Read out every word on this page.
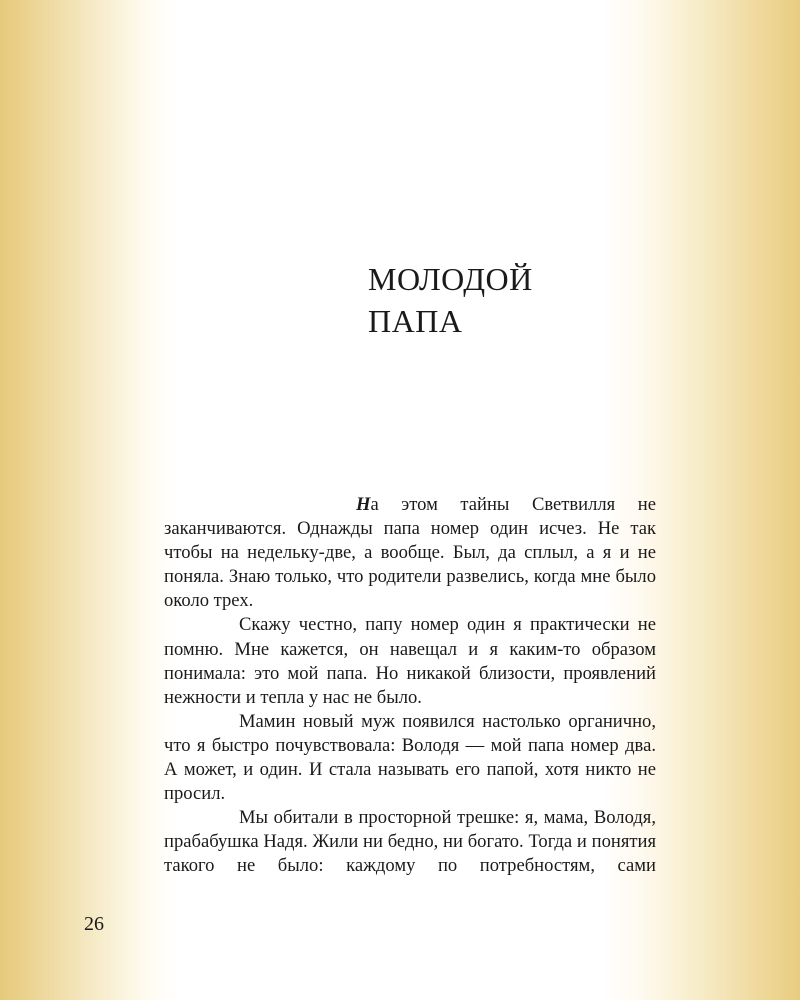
МОЛОДОЙ
ПАПА

На этом тайны Светвилля не заканчиваются. Однажды папа номер один исчез. Не так чтобы на недельку-две, а вообще. Был, да сплыл, а я и не поняла. Знаю только, что родители развелись, когда мне было около трех.

Скажу честно, папу номер один я практически не помню. Мне кажется, он навещал и я каким-то образом понимала: это мой папа. Но никакой близости, проявлений нежности и тепла у нас не было.

Мамин новый муж появился настолько органично, что я быстро почувствовала: Володя — мой папа номер два. А может, и один. И стала называть его папой, хотя никто не просил.

Мы обитали в просторной трешке: я, мама, Володя, прабабушка Надя. Жили ни бедно, ни богато. Тогда и понятия такого не было: каждому по потребностям, сами

26
